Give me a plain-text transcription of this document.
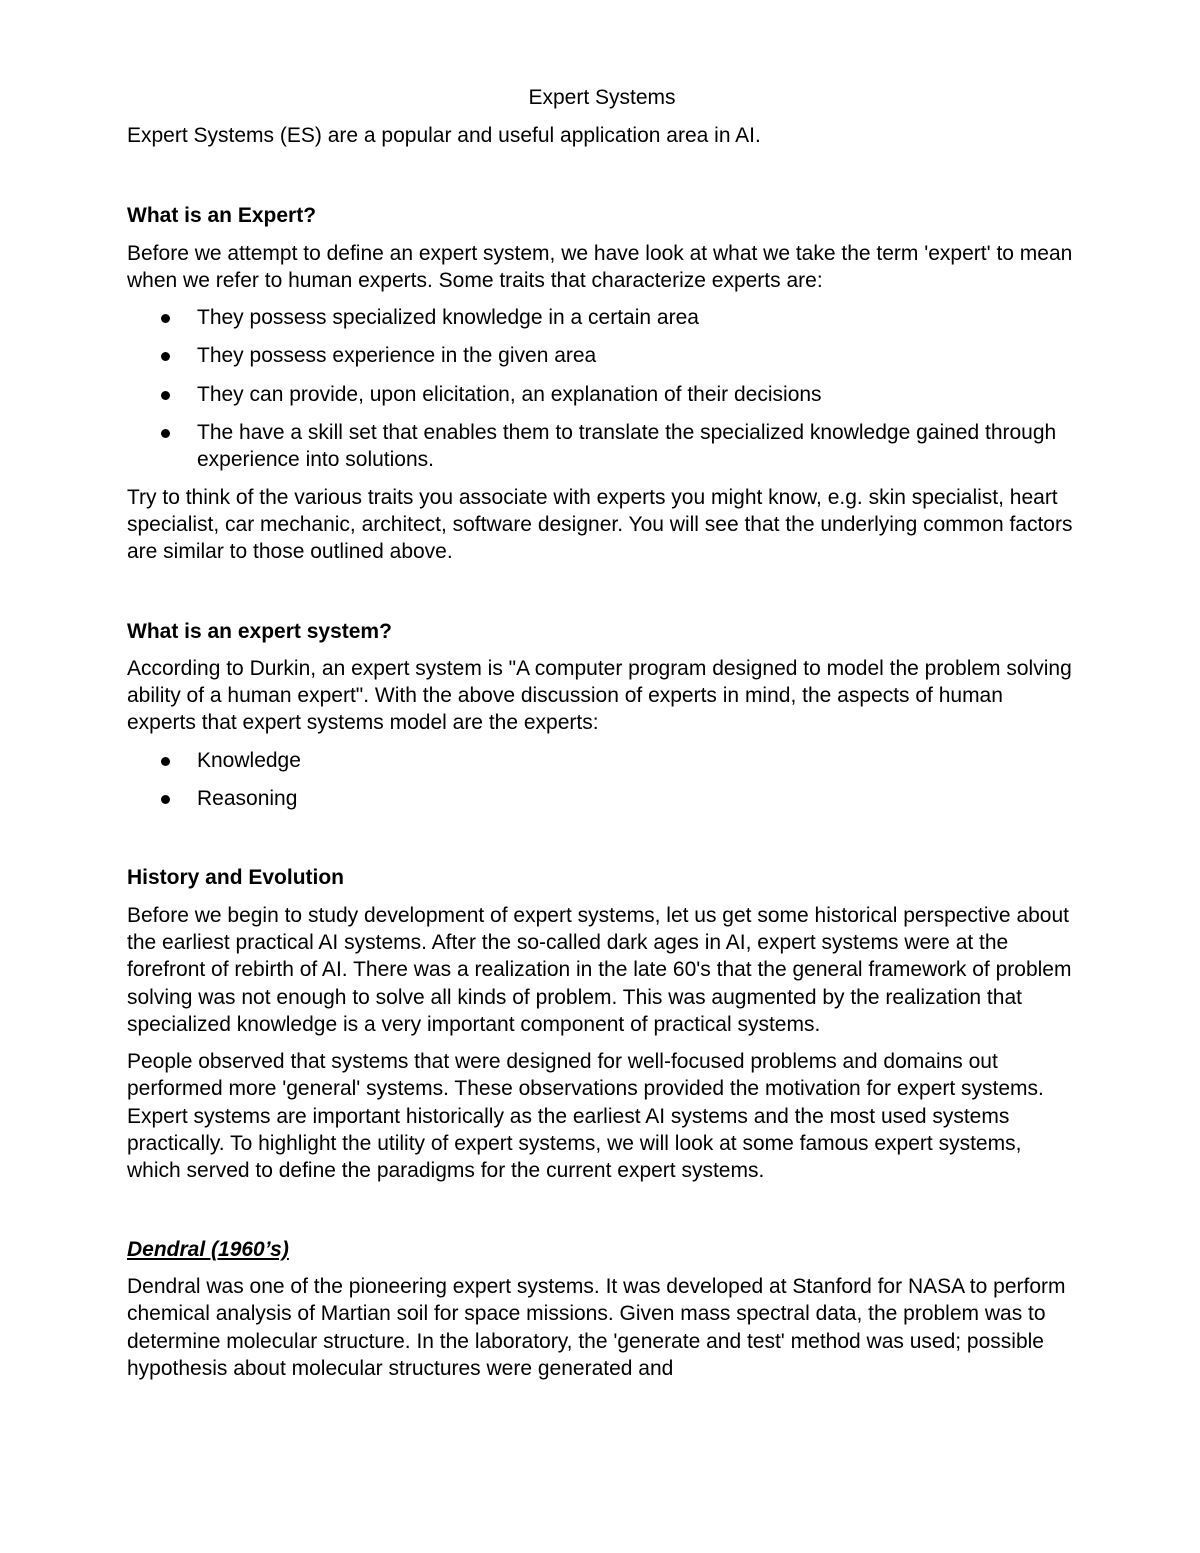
Expert Systems

Expert Systems (ES) are a popular and useful application area in AI.

What is an Expert?

Before we attempt to define an expert system, we have look at what we take the term 'expert' to mean when we refer to human experts. Some traits that characterize experts are:

They possess specialized knowledge in a certain area
They possess experience in the given area
They can provide, upon elicitation, an explanation of their decisions
The have a skill set that enables them to translate the specialized knowledge gained through experience into solutions.

Try to think of the various traits you associate with experts you might know, e.g. skin specialist, heart specialist, car mechanic, architect, software designer. You will see that the underlying common factors are similar to those outlined above.

What is an expert system?

According to Durkin, an expert system is "A computer program designed to model the problem solving ability of a human expert". With the above discussion of experts in mind, the aspects of human experts that expert systems model are the experts:

Knowledge
Reasoning
History and Evolution

Before we begin to study development of expert systems, let us get some historical perspective about the earliest practical AI systems. After the so-called dark ages in AI, expert systems were at the forefront of rebirth of AI. There was a realization in the late 60's that the general framework of problem solving was not enough to solve all kinds of problem. This was augmented by the realization that specialized knowledge is a very important component of practical systems.

People observed that systems that were designed for well-focused problems and domains out performed more 'general' systems. These observations provided the motivation for expert systems. Expert systems are important historically as the earliest AI systems and the most used systems practically. To highlight the utility of expert systems, we will look at some famous expert systems, which served to define the paradigms for the current expert systems.

Dendral (1960’s)

Dendral was one of the pioneering expert systems. It was developed at Stanford for NASA to perform chemical analysis of Martian soil for space missions. Given mass spectral data, the problem was to determine molecular structure. In the laboratory, the 'generate and test' method was used; possible hypothesis about molecular structures were generated and
